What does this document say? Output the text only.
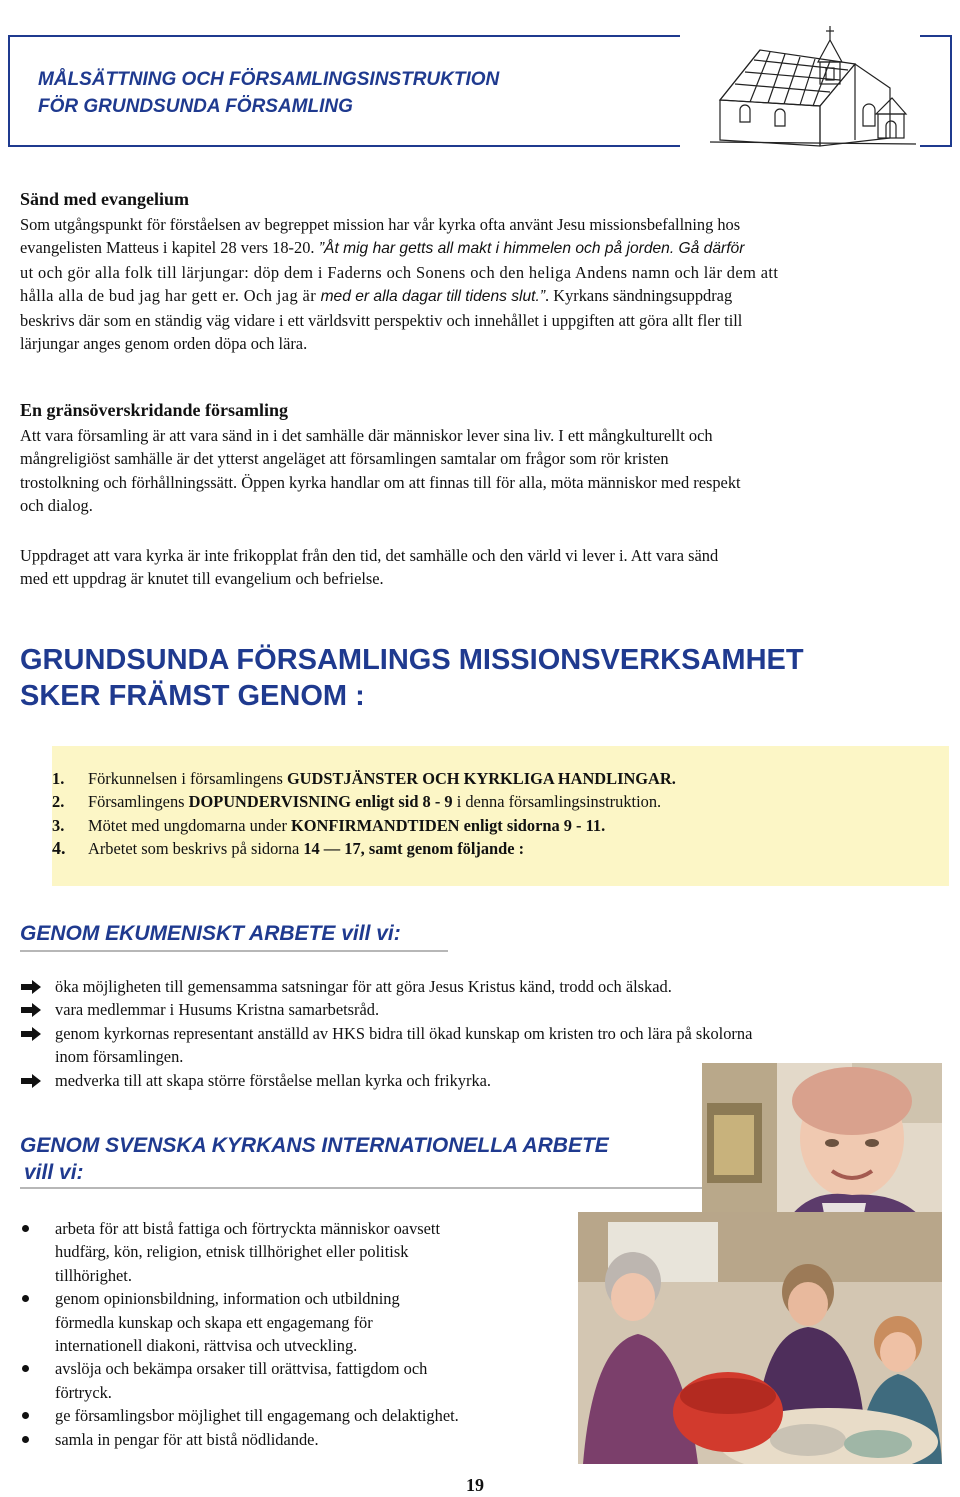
MÅLSÄTTNING OCH FÖRSAMLINGSINSTRUKTION
FÖR GRUNDSUNDA FÖRSAMLING
Sänd med evangelium
Som utgångspunkt för förståelsen av begreppet mission har vår kyrka ofta använt Jesu missionsbefallning hos
evangelisten Matteus i kapitel 28 vers 18-20. ”Åt mig har getts all makt i himmelen och på jorden. Gå därför
ut och gör alla folk till lärjungar: döp dem i Faderns och Sonens och den heliga Andens namn och lär dem att
hålla alla de bud jag har gett er. Och jag är med er alla dagar till tidens slut.”. Kyrkans sändningsuppdrag
beskrivs där som en ständig väg vidare i ett världsvitt perspektiv och innehållet i uppgiften att göra allt fler till
lärjungar anges genom orden döpa och lära.
En gränsöverskridande församling
Att vara församling är att vara sänd in i det samhälle där människor lever sina liv. I ett mångkulturellt och
mångreligiöst samhälle är det ytterst angeläget att församlingen samtalar om frågor som rör kristen
trostolkning och förhållningssätt. Öppen kyrka handlar om att finnas till för alla, möta människor med respekt
och dialog.
Uppdraget att vara kyrka är inte frikopplat från den tid, det samhälle och den värld vi lever i. Att vara sänd
med ett uppdrag är knutet till evangelium och befrielse.
GRUNDSUNDA FÖRSAMLINGS MISSIONSVERKSAMHET
SKER FRÄMST GENOM :
1.	Förkunnelsen i församlingens GUDSTJÄNSTER OCH KYRKLIGA HANDLINGAR.
2.	Församlingens DOPUNDERVISNING enligt sid 8 - 9 i denna församlingsinstruktion.
3.	Mötet med ungdomarna under KONFIRMANDTIDEN enligt sidorna 9 - 11.
4.	Arbetet som beskrivs på sidorna 14 — 17, samt genom följande :
GENOM EKUMENISKT ARBETE vill vi:
öka möjligheten till gemensamma satsningar för att göra Jesus Kristus känd, trodd och älskad.
vara medlemmar i Husums Kristna samarbetsråd.
genom kyrkornas representant anställd av HKS bidra till ökad kunskap om kristen tro och lära på skolorna
inom församlingen.
medverka till att skapa större förståelse mellan kyrka och frikyrka.
GENOM SVENSKA KYRKANS INTERNATIONELLA ARBETE
vill vi:
arbeta för att bistå fattiga och förtryckta människor oavsett
hudfärg, kön, religion, etnisk tillhörighet eller politisk
tillhörighet.
genom opinionsbildning, information och utbildning
förmedla kunskap och skapa ett engagemang för
internationell diakoni, rättvisa och utveckling.
avslöja och bekämpa orsaker till orättvisa, fattigdom och
förtryck.
ge församlingsbor möjlighet till engagemang och delaktighet.
samla in pengar för att bistå nödlidande.
19
